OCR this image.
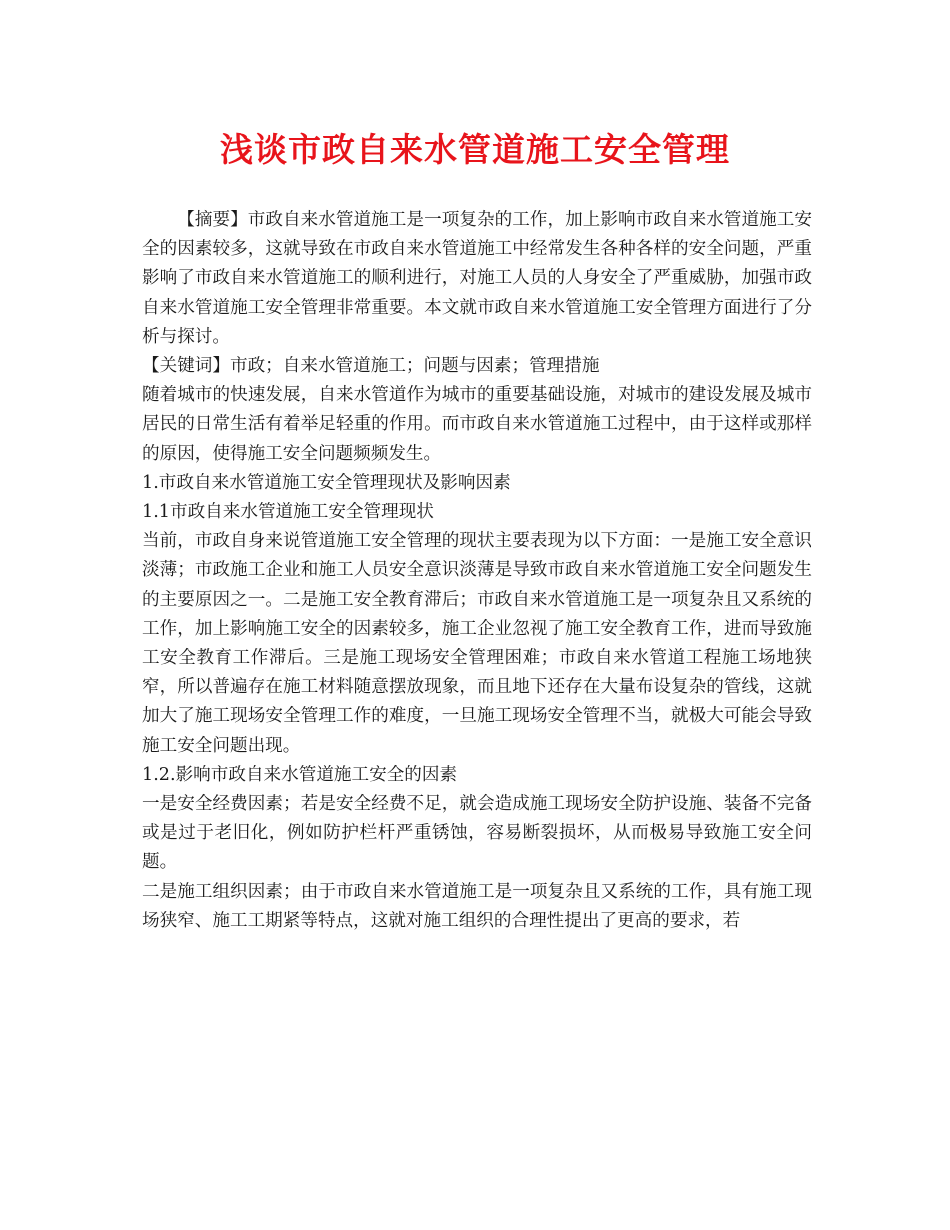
浅谈市政自来水管道施工安全管理

【摘要】市政自来水管道施工是一项复杂的工作，加上影响市政自来水管道施工安全的因素较多，这就导致在市政自来水管道施工中经常发生各种各样的安全问题，严重影响了市政自来水管道施工的顺利进行，对施工人员的人身安全了严重威胁，加强市政自来水管道施工安全管理非常重要。本文就市政自来水管道施工安全管理方面进行了分析与探讨。

【关键词】市政；自来水管道施工；问题与因素；管理措施

随着城市的快速发展，自来水管道作为城市的重要基础设施，对城市的建设发展及城市居民的日常生活有着举足轻重的作用。而市政自来水管道施工过程中，由于这样或那样的原因，使得施工安全问题频频发生。

1.市政自来水管道施工安全管理现状及影响因素

1.1市政自来水管道施工安全管理现状

当前，市政自身来说管道施工安全管理的现状主要表现为以下方面：一是施工安全意识淡薄；市政施工企业和施工人员安全意识淡薄是导致市政自来水管道施工安全问题发生的主要原因之一。二是施工安全教育滞后；市政自来水管道施工是一项复杂且又系统的工作，加上影响施工安全的因素较多，施工企业忽视了施工安全教育工作，进而导致施工安全教育工作滞后。三是施工现场安全管理困难；市政自来水管道工程施工场地狭窄，所以普遍存在施工材料随意摆放现象，而且地下还存在大量布设复杂的管线，这就加大了施工现场安全管理工作的难度，一旦施工现场安全管理不当，就极大可能会导致施工安全问题出现。

1.2.影响市政自来水管道施工安全的因素

一是安全经费因素；若是安全经费不足，就会造成施工现场安全防护设施、装备不完备或是过于老旧化，例如防护栏杆严重锈蚀，容易断裂损坏，从而极易导致施工安全问题。

二是施工组织因素；由于市政自来水管道施工是一项复杂且又系统的工作，具有施工现场狭窄、施工工期紧等特点，这就对施工组织的合理性提出了更高的要求，若
